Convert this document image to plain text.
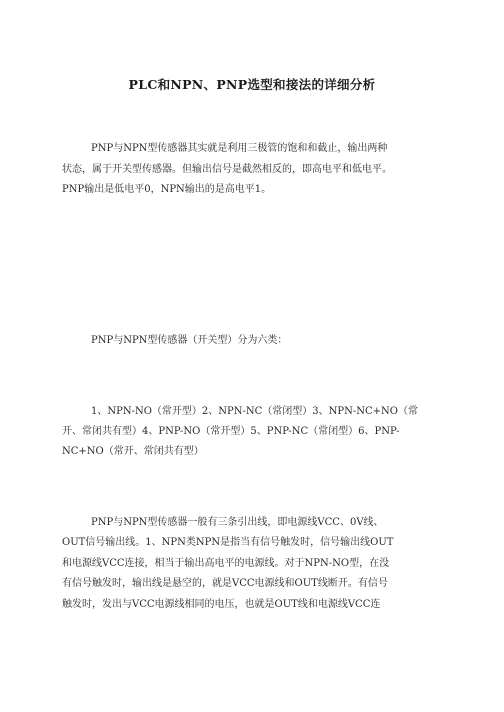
PLC和NPN、PNP选型和接法的详细分析
PNP与NPN型传感器其实就是利用三极管的饱和和截止，输出两种
状态，属于开关型传感器。但输出信号是截然相反的，即高电平和低电平。
PNP输出是低电平0，NPN输出的是高电平1。
PNP与NPN型传感器（开关型）分为六类：
1、NPN-NO（常开型）2、NPN-NC（常闭型）3、NPN-NC+NO（常
开、常闭共有型）4、PNP-NO（常开型）5、PNP-NC（常闭型）6、PNP-
NC+NO（常开、常闭共有型）
PNP与NPN型传感器一般有三条引出线，即电源线VCC、0V线、
OUT信号输出线。1、NPN类NPN是指当有信号触发时，信号输出线OUT
和电源线VCC连接，相当于输出高电平的电源线。对于NPN-NO型，在没
有信号触发时，输出线是悬空的，就是VCC电源线和OUT线断开。有信号
触发时，发出与VCC电源线相同的电压，也就是OUT线和电源线VCC连
